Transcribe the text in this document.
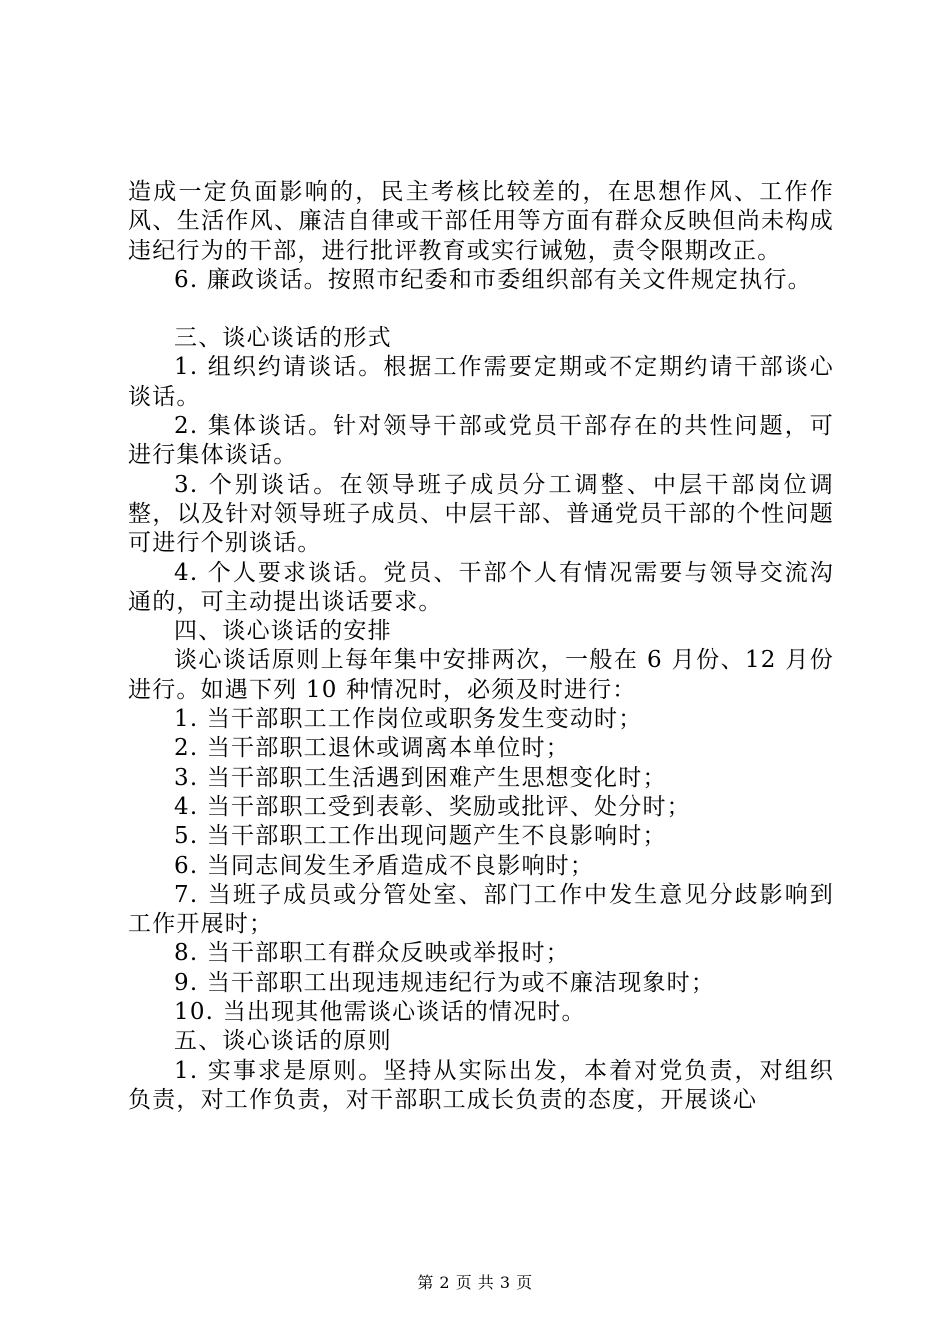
造成一定负面影响的，民主考核比较差的，在思想作风、工作作风、生活作风、廉洁自律或干部任用等方面有群众反映但尚未构成违纪行为的干部，进行批评教育或实行诫勉，责令限期改正。

6. 廉政谈话。按照市纪委和市委组织部有关文件规定执行。

三、谈心谈话的形式

1. 组织约请谈话。根据工作需要定期或不定期约请干部谈心谈话。

2. 集体谈话。针对领导干部或党员干部存在的共性问题，可进行集体谈话。

3. 个别谈话。在领导班子成员分工调整、中层干部岗位调整，以及针对领导班子成员、中层干部、普通党员干部的个性问题可进行个别谈话。

4. 个人要求谈话。党员、干部个人有情况需要与领导交流沟通的，可主动提出谈话要求。

四、谈心谈话的安排

谈心谈话原则上每年集中安排两次，一般在 6 月份、12 月份进行。如遇下列 10 种情况时，必须及时进行：

1. 当干部职工工作岗位或职务发生变动时；

2. 当干部职工退休或调离本单位时；

3. 当干部职工生活遇到困难产生思想变化时；

4. 当干部职工受到表彰、奖励或批评、处分时；

5. 当干部职工工作出现问题产生不良影响时；

6. 当同志间发生矛盾造成不良影响时；

7. 当班子成员或分管处室、部门工作中发生意见分歧影响到工作开展时；

8. 当干部职工有群众反映或举报时；

9. 当干部职工出现违规违纪行为或不廉洁现象时；

10. 当出现其他需谈心谈话的情况时。

五、谈心谈话的原则

1. 实事求是原则。坚持从实际出发，本着对党负责，对组织负责，对工作负责，对干部职工成长负责的态度，开展谈心

第 2 页 共 3 页
